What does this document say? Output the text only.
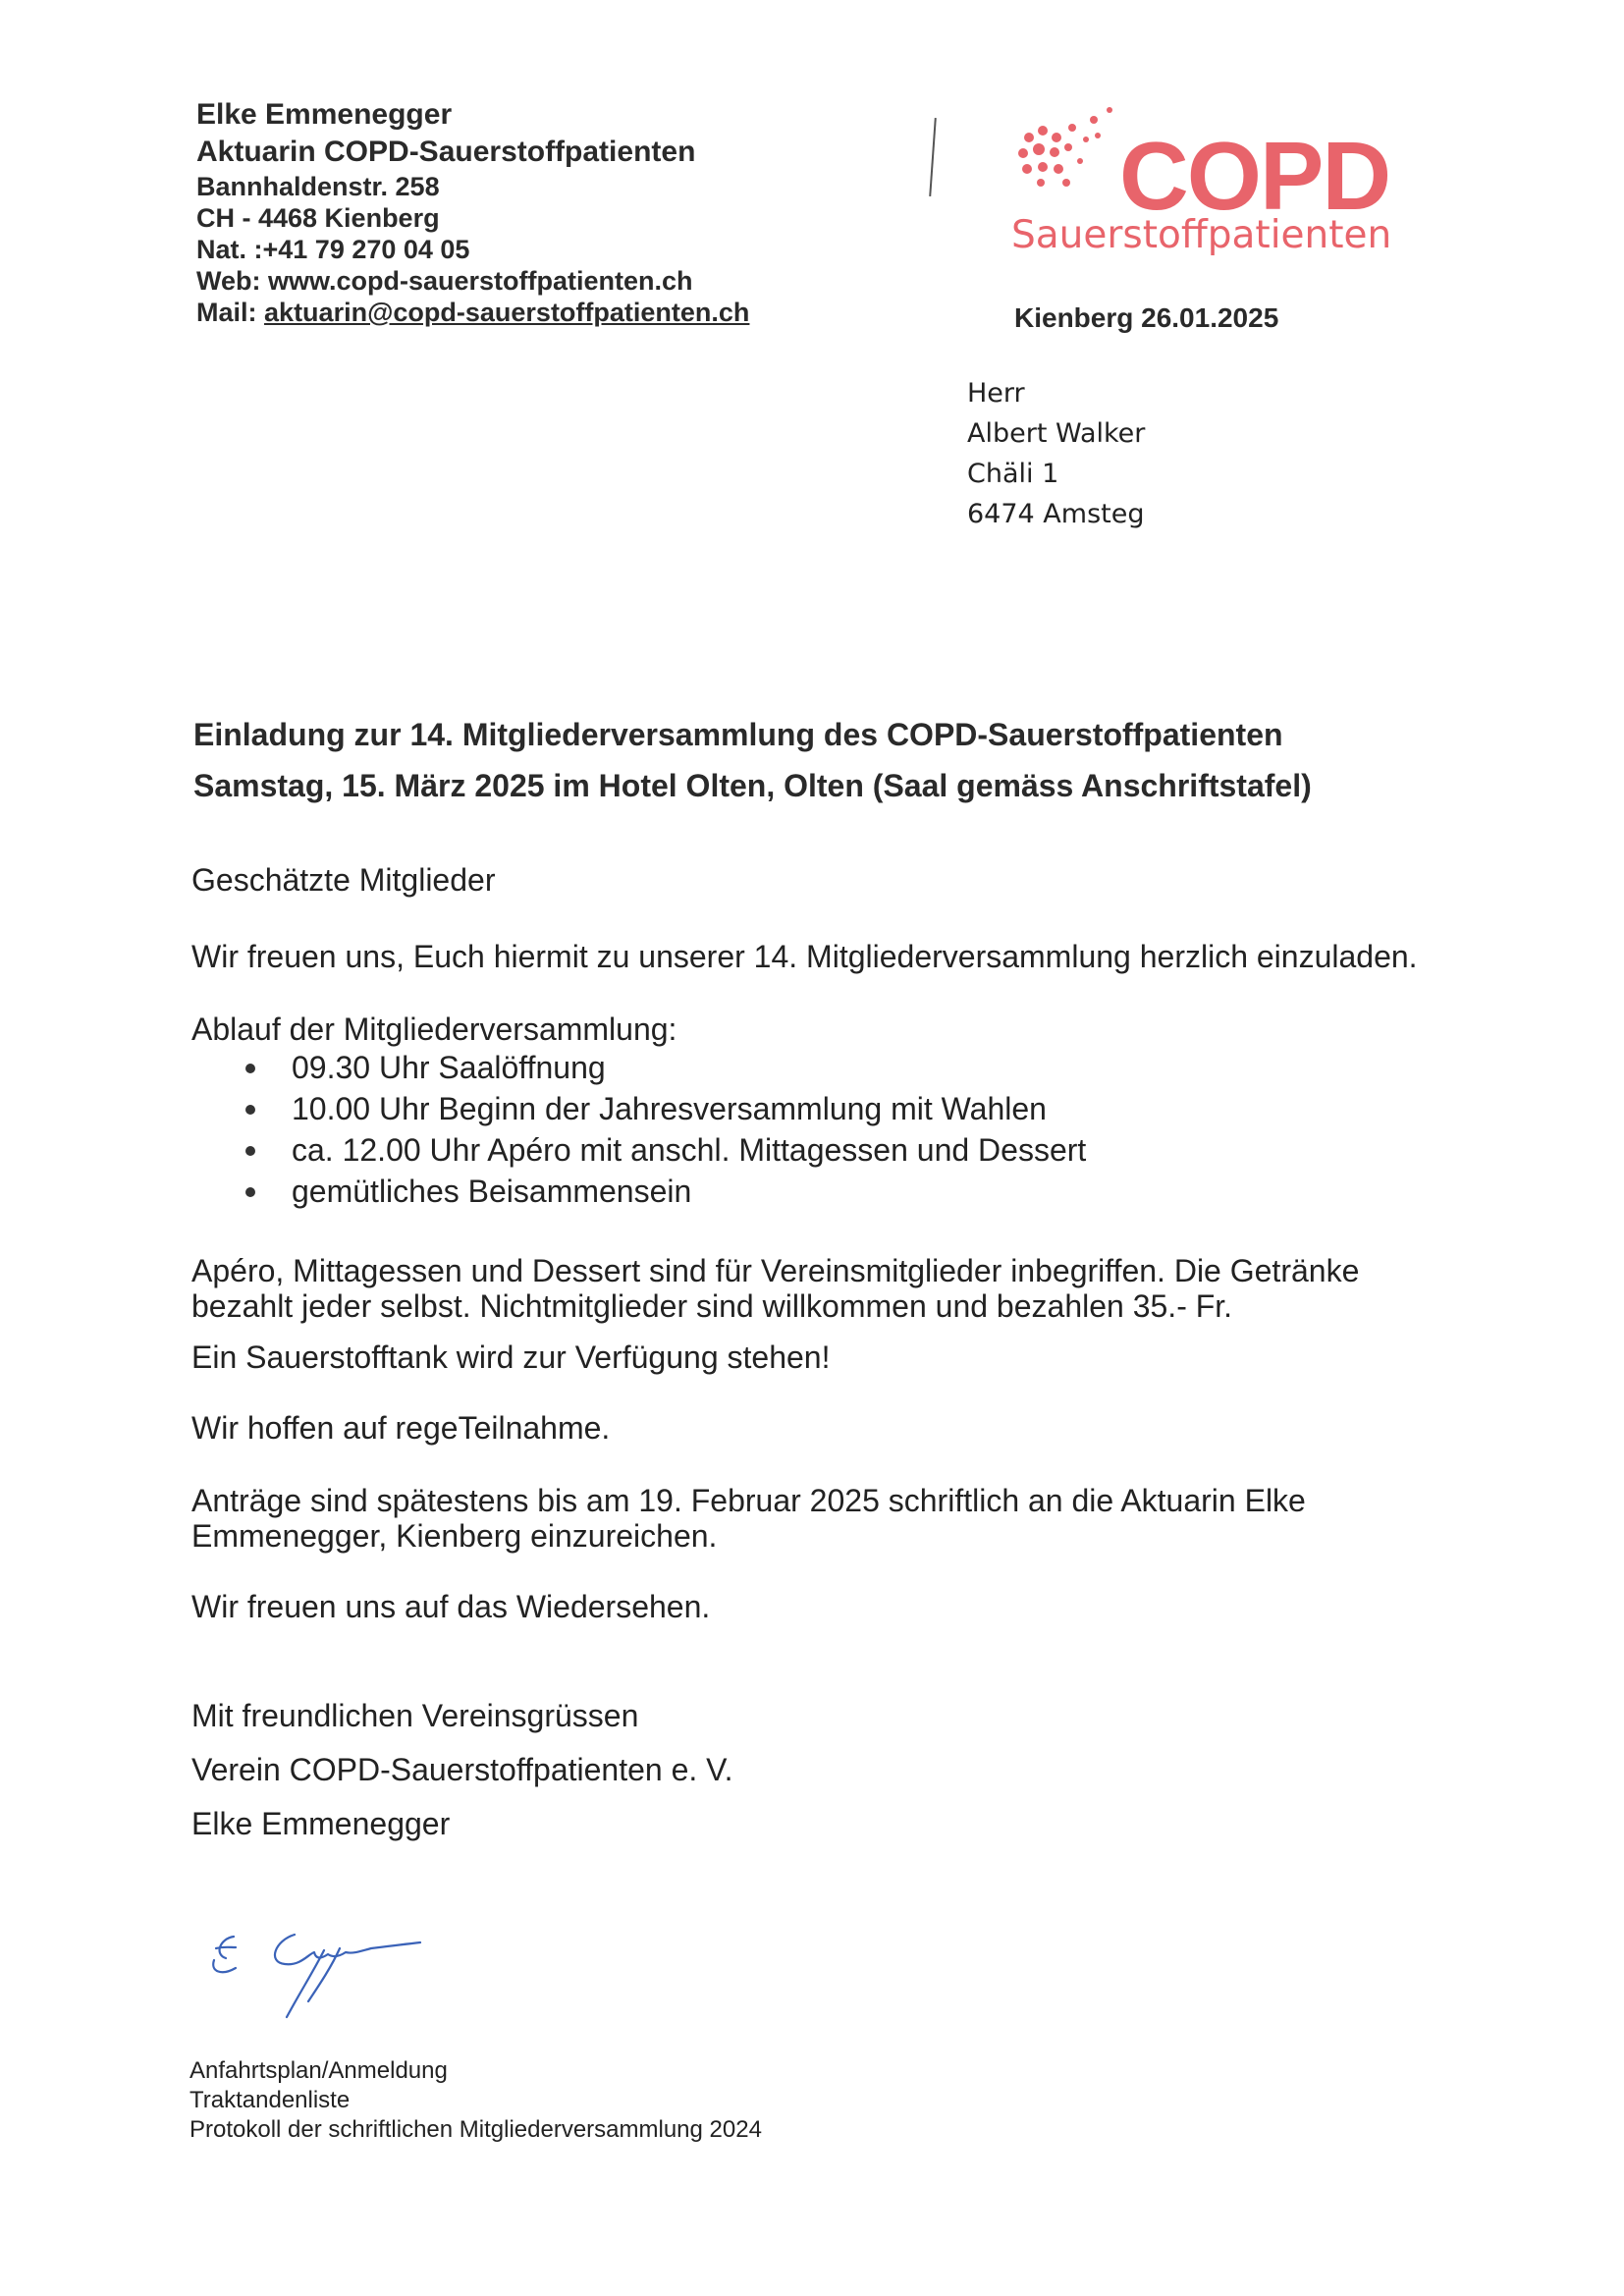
Elke Emmenegger
Aktuarin COPD-Sauerstoffpatienten
Bannhaldenstr. 258
CH - 4468 Kienberg
Nat. :+41 79 270 04 05
Web: www.copd-sauerstoffpatienten.ch
Mail: aktuarin@copd-sauerstoffpatienten.ch
COPD
Sauerstoffpatienten
Kienberg 26.01.2025
Herr
Albert Walker
Chäli 1
6474 Amsteg
Einladung zur 14. Mitgliederversammlung des COPD-Sauerstoffpatienten
Samstag, 15. März 2025 im Hotel Olten, Olten (Saal gemäss Anschriftstafel)

Geschätzte Mitglieder

Wir freuen uns, Euch hiermit zu unserer 14. Mitgliederversammlung herzlich einzuladen.

Ablauf der Mitgliederversammlung:

09.30 Uhr Saalöffnung
10.00 Uhr Beginn der Jahresversammlung mit Wahlen
ca. 12.00 Uhr Apéro mit anschl. Mittagessen und Dessert
gemütliches Beisammensein

Apéro, Mittagessen und Dessert sind für Vereinsmitglieder inbegriffen. Die Getränke bezahlt jeder selbst. Nichtmitglieder sind willkommen und bezahlen 35.- Fr.

Ein Sauerstofftank wird zur Verfügung stehen!

Wir hoffen auf regeTeilnahme.

Anträge sind spätestens bis am 19. Februar 2025 schriftlich an die Aktuarin Elke Emmenegger, Kienberg einzureichen.

Wir freuen uns auf das Wiedersehen.

Mit freundlichen Vereinsgrüssen

Verein COPD-Sauerstoffpatienten e. V.

Elke Emmenegger

Anfahrtsplan/Anmeldung
Traktandenliste
Protokoll der schriftlichen Mitgliederversammlung 2024
